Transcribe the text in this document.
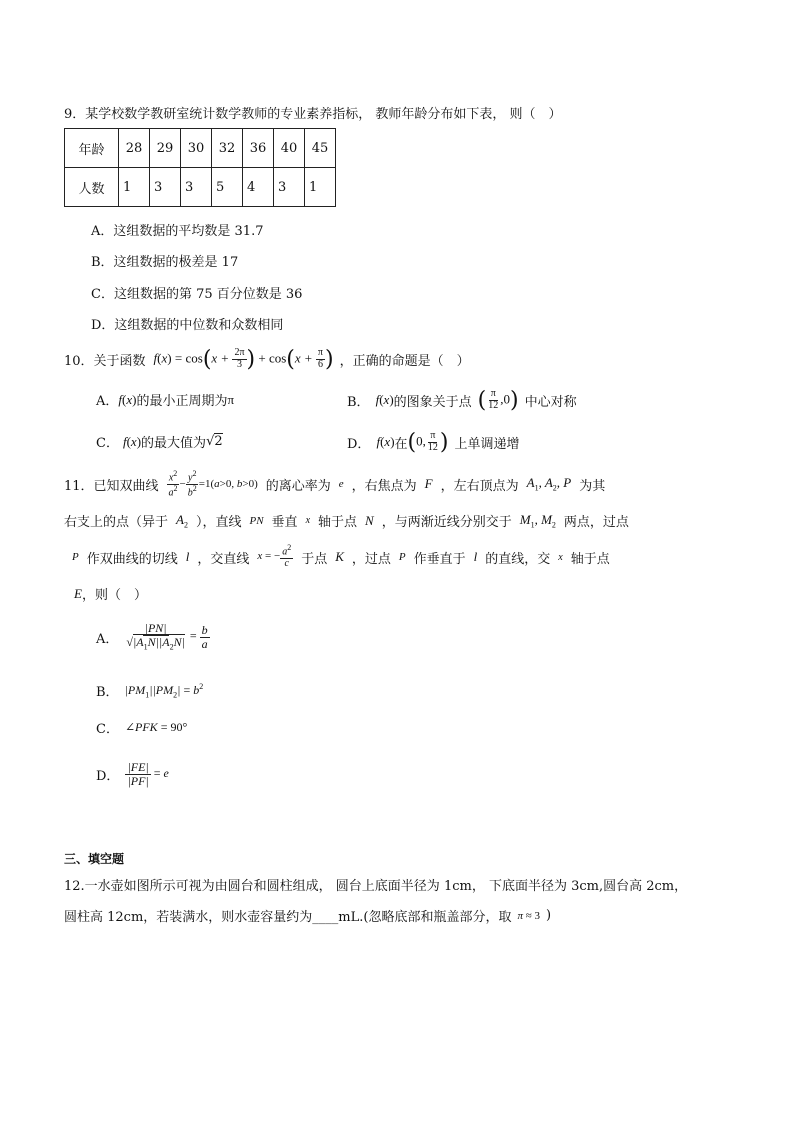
9．某学校数学教研室统计数学教师的专业素养指标， 教师年龄分布如下表， 则（　）
年龄	28	29	30	32	36	40	45
人数	1	3	3	5	4	3	1
A．这组数据的平均数是 31.7
B．这组数据的极差是 17
C．这组数据的第 75 百分位数是 36
D．这组数据的中位数和众数相同
10．关于函数 $f(x) = \cos(x + \frac{2\pi}{3}$ ) + $\cos(x + \frac{\pi}{6}$ ) ，正确的命题是（　）
A． f(x) 的最小正周期为 π	B． f(x) 的图象关于点 ( $\frac{\pi}{12} ,0$) 中心对称
C． f(x) 的最大值为 √2	D． f(x) 在 (0, $\frac{\pi}{12}$ ) 上单调递增
11．已知双曲线 $\frac{x^2}{a^2} - \frac{y^2}{b^2} =1(a>0$, b>0) 的离心率为 e ，右焦点为 F ，左右顶点为 $A_1$, $A_2$, P 为其
右支上的点（异于 $A_2$ ），直线 PN 垂直 x 轴于点 N ，与两渐近线分别交于 $M_1$, $M_2$ 两点，过点
P 作双曲线的切线 l ，交直线 x = − $\frac{a^2}{c}$ 于点 K ，过点 P 作垂直于 l 的直线，交 x 轴于点
E ，则（　）
A． $\frac{|PN|}{√|A_1N||A_2N|} = \frac{b}{a}$
B． $|PM_1||PM_2| = b^2$
C． ∠PFK = 90°
D． $\frac{|FE|}{|PF|} = e$
三、填空题
12.一水壶如图所示可视为由圆台和圆柱组成， 圆台上底面半径为 1cm， 下底面半径为 3cm,圆台高 2cm，
圆柱高 12cm，若装满水，则水壶容量约为____mL.(忽略底部和瓶盖部分，取 π ≈ 3 )
